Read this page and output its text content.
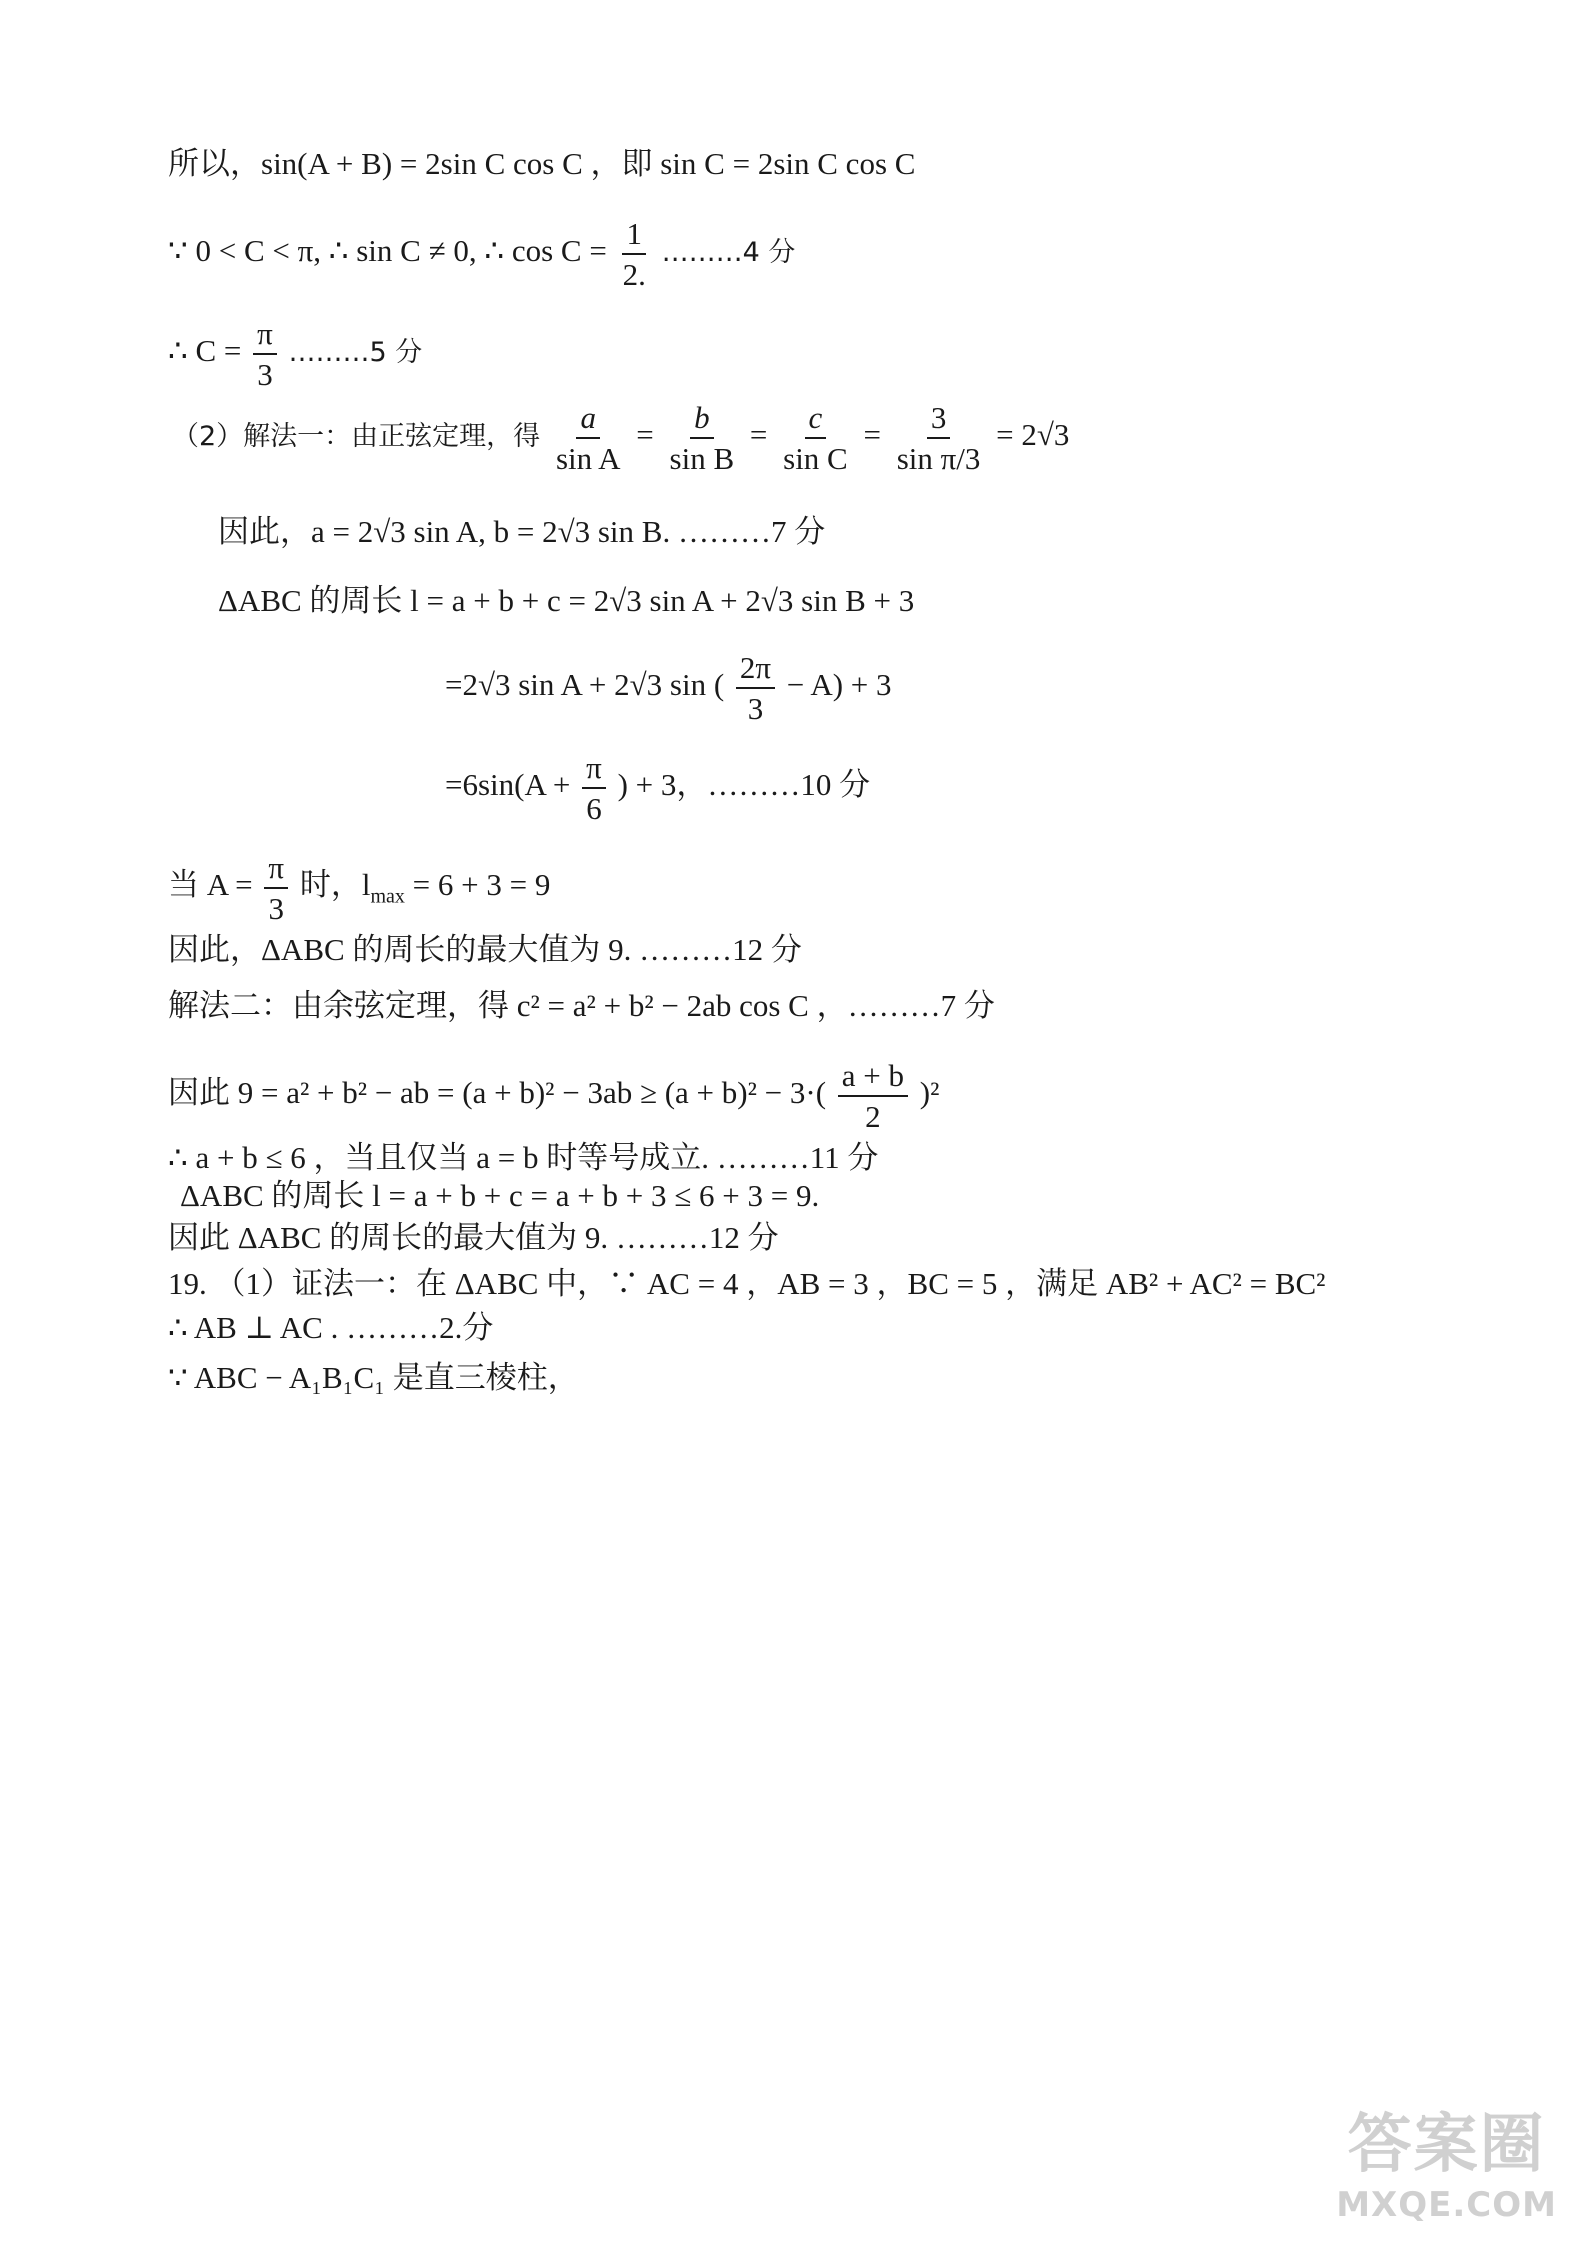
所以，sin(A + B) = 2sin C cos C ，即 sin C = 2sin C cos C
∵ 0 < C < π, ∴ sin C ≠ 0, ∴ $\cos C = \frac{1}{2.}$ ………4 分
∴ $C = \frac{\pi}{3}$ ………5 分
（2）解法一：由正弦定理，得 $\frac{a}{\text{sin A}} = \frac{b}{\text{sin B}} = \frac{c}{\text{sin C}} = \frac{3}{\text{sin π/3}} = 2√3$
因此，a = 2√3 sin A, b = 2√3 sin B. ………7 分
ΔABC 的周长 l = a + b + c = 2√3 sin A + 2√3 sin B + 3
=2√3 sin A + 2√3 sin ( $\frac{2\pi}{3} - A) + 3$
$=6\sin(A + \frac{\pi}{6}$ ) + 3，………10 分
当 $A = \frac{\pi}{3}$ 时，$l_{max} = 6 + 3 = 9$
因此，ΔABC 的周长的最大值为 9. ………12 分
解法二：由余弦定理，得 c² = a² + b² − 2ab cos C ，………7 分
因此 9 = a² + b² − ab = $(a + b)^2 - 3ab \ge (a + b)^2 - 3\cdot( \frac{a + b}{2} )^2$
∴ a + b ≤ 6 ，当且仅当 a = b 时等号成立. ………11 分
ΔABC 的周长 l = a + b + c = a + b + 3 ≤ 6 + 3 = 9.
因此 ΔABC 的周长的最大值为 9. ………12 分
19. （1）证法一：在 ΔABC 中，∵ AC = 4 ，AB = 3 ，BC = 5 ，满足 AB² + AC² = BC²
∴ AB ⊥ AC . ………2.分
∵ ABC − A₁B₁C₁ 是直三棱柱，
答案圈
MXQE.COM
